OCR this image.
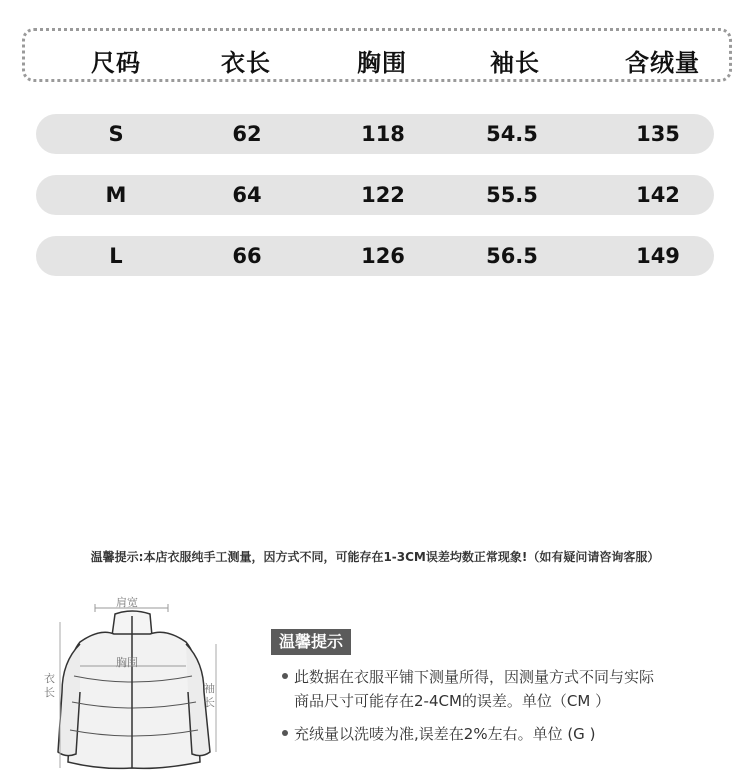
尺码	衣长	胸围	袖长	含绒量
S	62	118	54.5	135
M	64	122	55.5	142
L	66	126	56.5	149
温馨提示:本店衣服纯手工测量，因方式不同，可能存在1-3CM误差均数正常现象!（如有疑问请咨询客服）
肩宽
胸围
衣长	袖长
温馨提示
此数据在衣服平铺下测量所得，因测量方式不同与实际
商品尺寸可能存在2-4CM的误差。单位（CM ）
充绒量以洗唛为准,误差在2%左右。单位 (G )
